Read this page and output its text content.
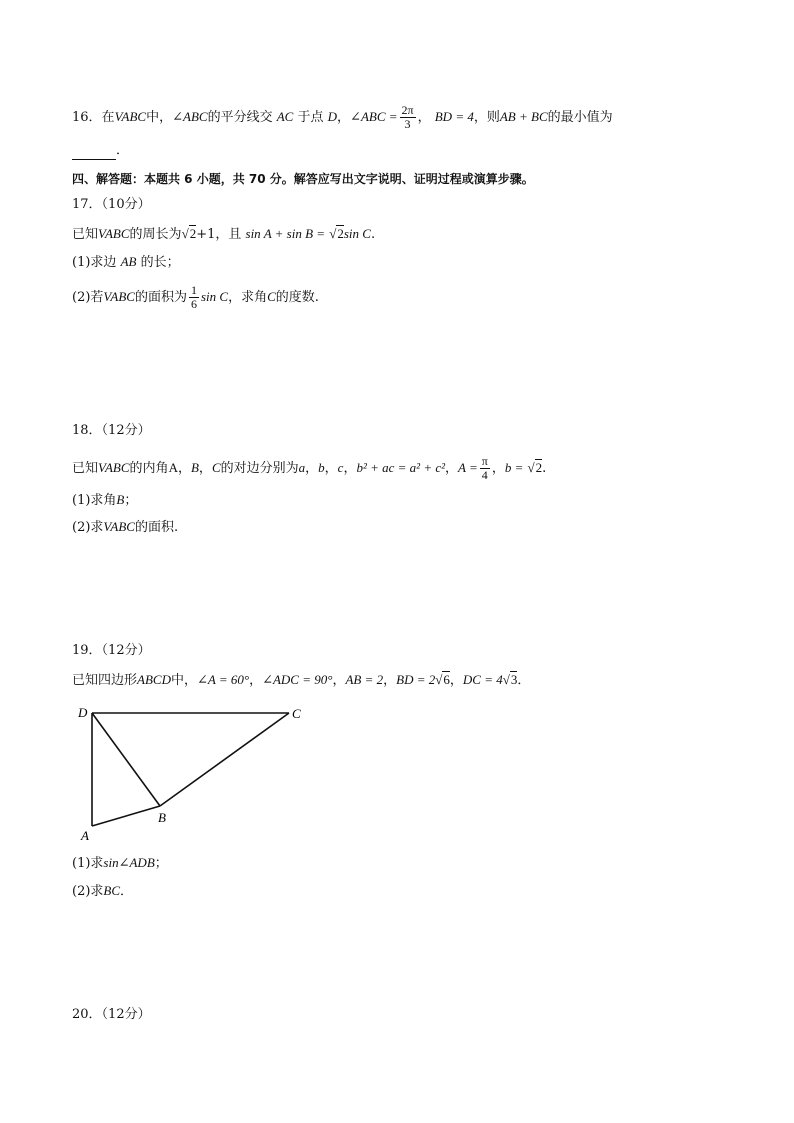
16．在VABC中，∠ABC的平分线交 AC 于点 D，∠ABC = $\frac{2\pi}{3}$ ， BD = 4，则AB + BC的最小值为
．
四、解答题：本题共 6 小题，共 70 分。解答应写出文字说明、证明过程或演算步骤。
17．（10分）
已知VABC的周长为√2+1，且 sin A + sin B = √2sin C.
(1)求边 AB 的长；
(2)若VABC的面积为 $\frac{1}{6}$ sin C，求角C的度数.
18．（12分）
已知VABC的内角A，B，C的对边分别为a，b，c，b² + ac = a² + c²，$A = \frac{\pi}{4}$ ，b = √2.
(1)求角B；
(2)求VABC的面积.
19．（12分）
已知四边形ABCD中，∠A = 60°，∠ADC = 90°，AB = 2，BD = 2√6，DC = 4√3．
D	C
A
B
(1)求sin∠ADB；
(2)求BC．
20．（12分）
